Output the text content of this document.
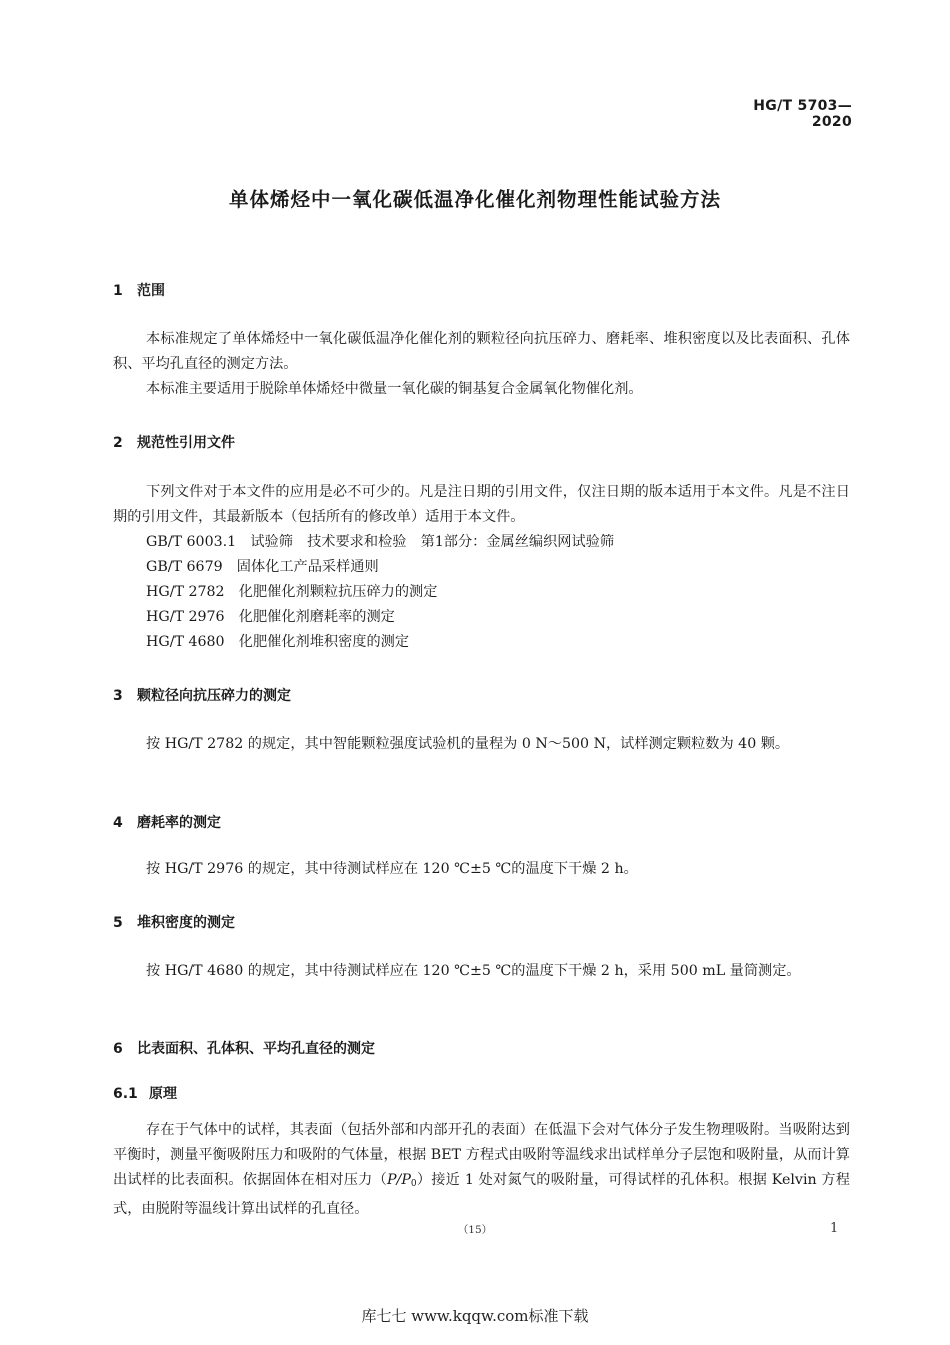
HG/T 5703—2020
单体烯烃中一氧化碳低温净化催化剂物理性能试验方法
1 范围
本标准规定了单体烯烃中一氧化碳低温净化催化剂的颗粒径向抗压碎力、磨耗率、堆积密度以及比表面积、孔体积、平均孔直径的测定方法。
本标准主要适用于脱除单体烯烃中微量一氧化碳的铜基复合金属氧化物催化剂。
2 规范性引用文件
下列文件对于本文件的应用是必不可少的。凡是注日期的引用文件，仅注日期的版本适用于本文件。凡是不注日期的引用文件，其最新版本（包括所有的修改单）适用于本文件。
GB/T 6003.1　试验筛　技术要求和检验　第1部分：金属丝编织网试验筛
GB/T 6679　固体化工产品采样通则
HG/T 2782　化肥催化剂颗粒抗压碎力的测定
HG/T 2976　化肥催化剂磨耗率的测定
HG/T 4680　化肥催化剂堆积密度的测定
3 颗粒径向抗压碎力的测定
按 HG/T 2782 的规定，其中智能颗粒强度试验机的量程为 0 N～500 N，试样测定颗粒数为 40 颗。
4 磨耗率的测定
按 HG/T 2976 的规定，其中待测试样应在 120 ℃±5 ℃的温度下干燥 2 h。
5 堆积密度的测定
按 HG/T 4680 的规定，其中待测试样应在 120 ℃±5 ℃的温度下干燥 2 h，采用 500 mL 量筒测定。
6 比表面积、孔体积、平均孔直径的测定
6.1 原理
存在于气体中的试样，其表面（包括外部和内部开孔的表面）在低温下会对气体分子发生物理吸附。当吸附达到平衡时，测量平衡吸附压力和吸附的气体量，根据 BET 方程式由吸附等温线求出试样单分子层饱和吸附量，从而计算出试样的比表面积。依据固体在相对压力（P/P0）接近 1 处对氮气的吸附量，可得试样的孔体积。根据 Kelvin 方程式，由脱附等温线计算出试样的孔直径。
（15）	1
库七七 www.kqqw.com标准下载
